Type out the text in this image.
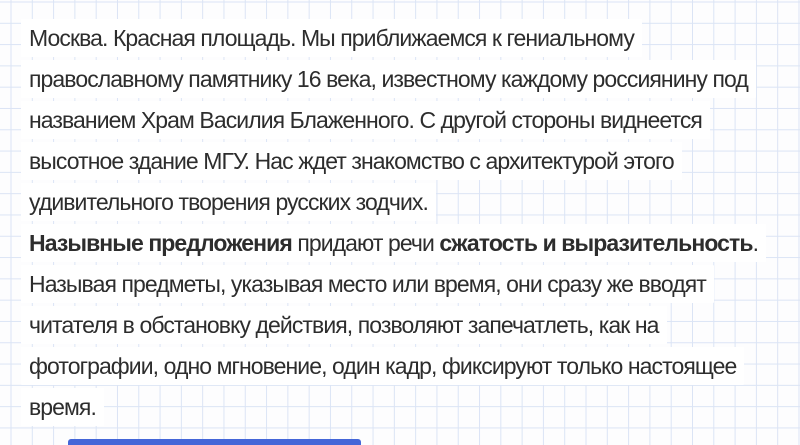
Москва. Красная площадь. Мы приближаемся к гениальному
православному памятнику 16 века, известному каждому россиянину под
названием Храм Василия Блаженного. С другой стороны виднеется
высотное здание МГУ. Нас ждет знакомство с архитектурой этого
удивительного творения русских зодчих.
Назывные предложения придают речи сжатость и выразительность.
Называя предметы, указывая место или время, они сразу же вводят
читателя в обстановку действия, позволяют запечатлеть, как на
фотографии, одно мгновение, один кадр, фиксируют только настоящее
время.
